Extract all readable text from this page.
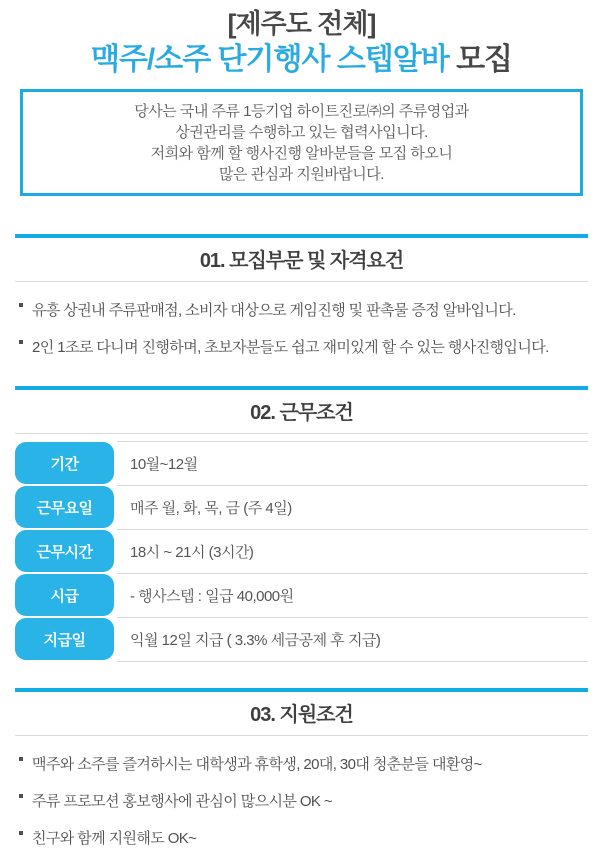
[제주도 전체]
맥주/소주 단기행사 스텝알바 모집
당사는 국내 주류 1등기업 하이트진로㈜의 주류영업과
상권관리를 수행하고 있는 협력사입니다.
저희와 함께 할 행사진행 알바분들을 모집 하오니
많은 관심과 지원바랍니다.
01. 모집부문 및 자격요건
유흥 상권내 주류판매점, 소비자 대상으로 게임진행 및 판촉물 증정 알바입니다.
2인 1조로 다니며 진행하며, 초보자분들도 쉽고 재미있게 할 수 있는 행사진행입니다.
02. 근무조건
기간	10월~12월
근무요일	매주 월, 화, 목, 금 (주 4일)
근무시간	18시 ~ 21시 (3시간)
시급	- 행사스텝 : 일급 40,000원
지급일	익월 12일 지급 ( 3.3% 세금공제 후 지급)
03. 지원조건
맥주와 소주를 즐겨하시는 대학생과 휴학생, 20대, 30대 청춘분들 대환영~
주류 프로모션 홍보행사에 관심이 많으시분 OK ~
친구와 함께 지원해도 OK~
